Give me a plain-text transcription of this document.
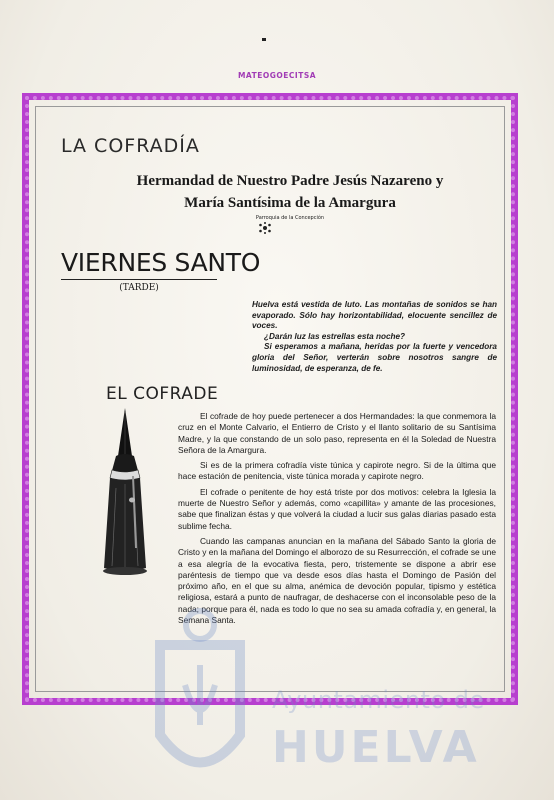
MATEOGOECITSA
LA COFRADÍA
Hermandad de Nuestro Padre Jesús Nazareno y
María Santísima de la Amargura
Parroquia de la Concepción
VIERNES SANTO
(TARDE)

Huelva está vestida de luto. Las montañas de sonidos se han evaporado. Sólo hay horizontabilidad, elocuente sencillez de voces.

¿Darán luz las estrellas esta noche?

Si esperamos a mañana, heridas por la fuerte y vencedora gloria del Señor, verterán sobre nosotros sangre de luminosidad, de esperanza, de fe.

EL COFRADE

El cofrade de hoy puede pertenecer a dos Hermandades: la que conmemora la cruz en el Monte Calvario, el Entierro de Cristo y el llanto solitario de su Santísima Madre, y la que constando de un solo paso, representa en él la Soledad de Nuestra Señora de la Amargura.

Si es de la primera cofradía viste túnica y capirote negro. Si de la última que hace estación de penitencia, viste túnica morada y capirote negro.

El cofrade o penitente de hoy está triste por dos motivos: celebra la Iglesia la muerte de Nuestro Señor y además, como «capillita» y amante de las procesiones, sabe que finalizan éstas y que volverá la ciudad a lucir sus galas diarias pasado esta sublime fecha.

Cuando las campanas anuncian en la mañana del Sábado Santo la gloria de Cristo y en la mañana del Domingo el alborozo de su Resurrección, el cofrade se une a esa alegría de la evocativa fiesta, pero, tristemente se dispone a abrir ese paréntesis de tiempo que va desde esos días hasta el Domingo de Pasión del próximo año, en el que su alma, anémica de devoción popular, tipismo y estética religiosa, estará a punto de naufragar, de deshacerse con el inconsolable peso de la nada; porque para él, nada es todo lo que no sea su amada cofradía y, en general, la Semana Santa.

Ayuntamiento de
HUELVA
